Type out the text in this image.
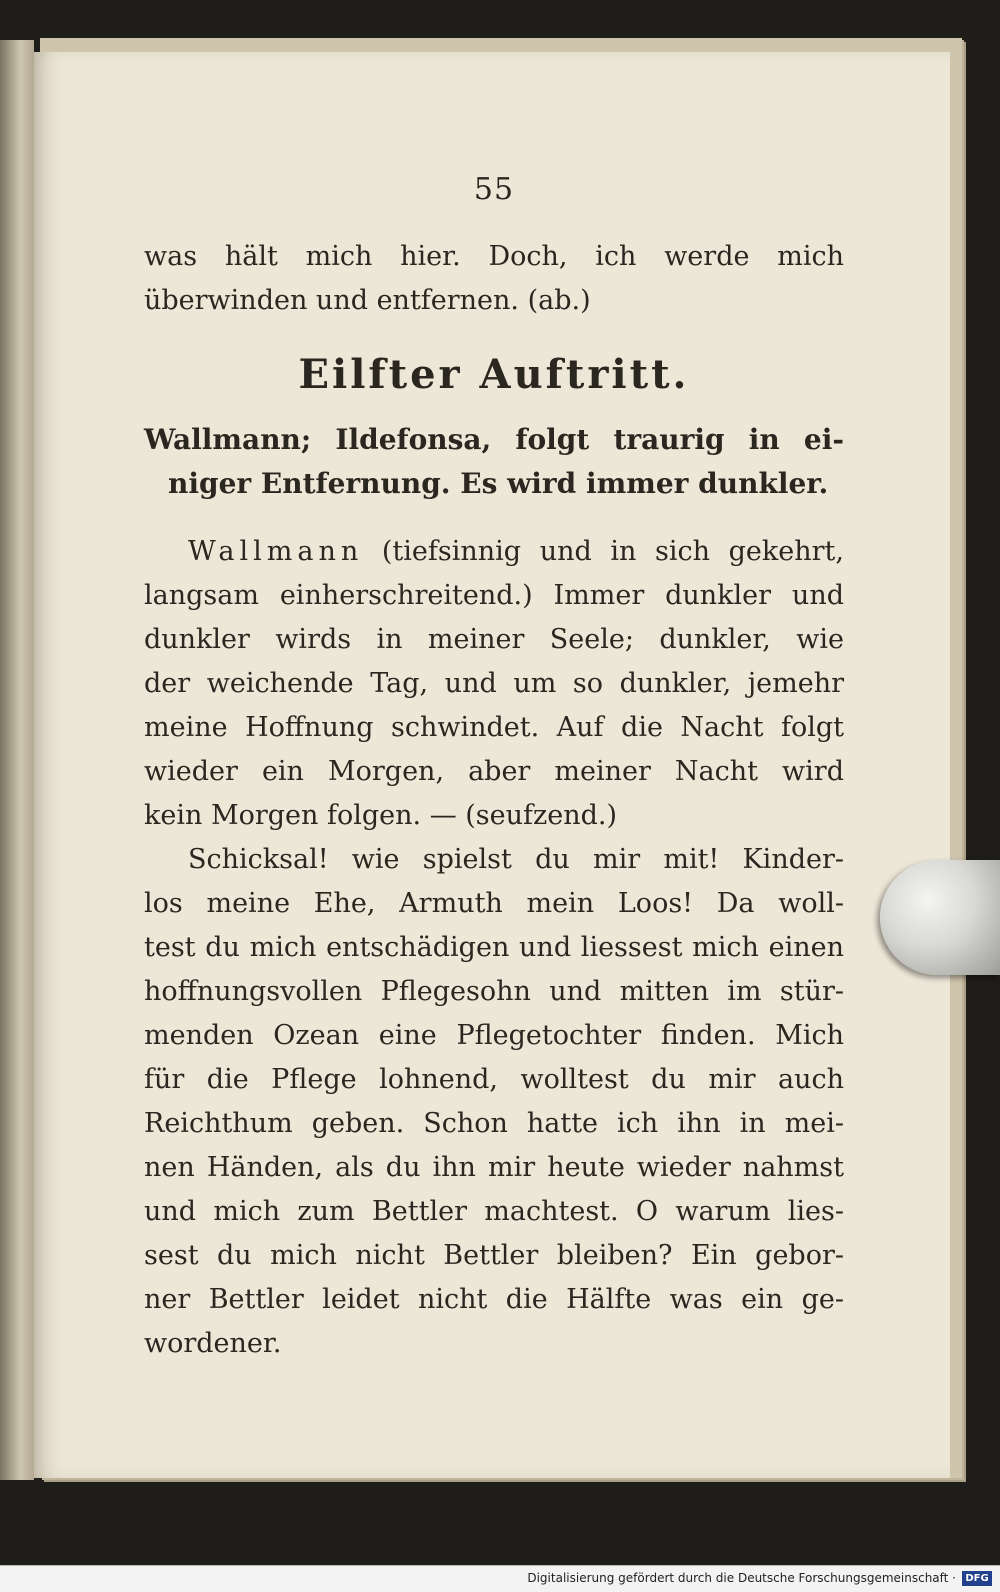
55
was hält mich hier. Doch, ich werde mich
überwinden und entfernen. (ab.)
Eilfter Auftritt.
Wallmann; Ildefonsa, folgt traurig in ei-
niger Entfernung. Es wird immer dunkler.
Wallmann (tiefsinnig und in sich gekehrt,
langsam einherschreitend.) Immer dunkler und
dunkler wirds in meiner Seele; dunkler, wie
der weichende Tag, und um so dunkler, jemehr
meine Hoffnung schwindet. Auf die Nacht folgt
wieder ein Morgen, aber meiner Nacht wird
kein Morgen folgen. — (seufzend.)
Schicksal! wie spielst du mir mit! Kinder-
los meine Ehe, Armuth mein Loos! Da woll-
test du mich entschädigen und liessest mich einen
hoffnungsvollen Pflegesohn und mitten im stür-
menden Ozean eine Pflegetochter finden. Mich
für die Pflege lohnend, wolltest du mir auch
Reichthum geben. Schon hatte ich ihn in mei-
nen Händen, als du ihn mir heute wieder nahmst
und mich zum Bettler machtest. O warum lies-
sest du mich nicht Bettler bleiben? Ein gebor-
ner Bettler leidet nicht die Hälfte was ein ge-
wordener.
Digitalisierung gefördert durch die Deutsche Forschungsgemeinschaft · DFG
